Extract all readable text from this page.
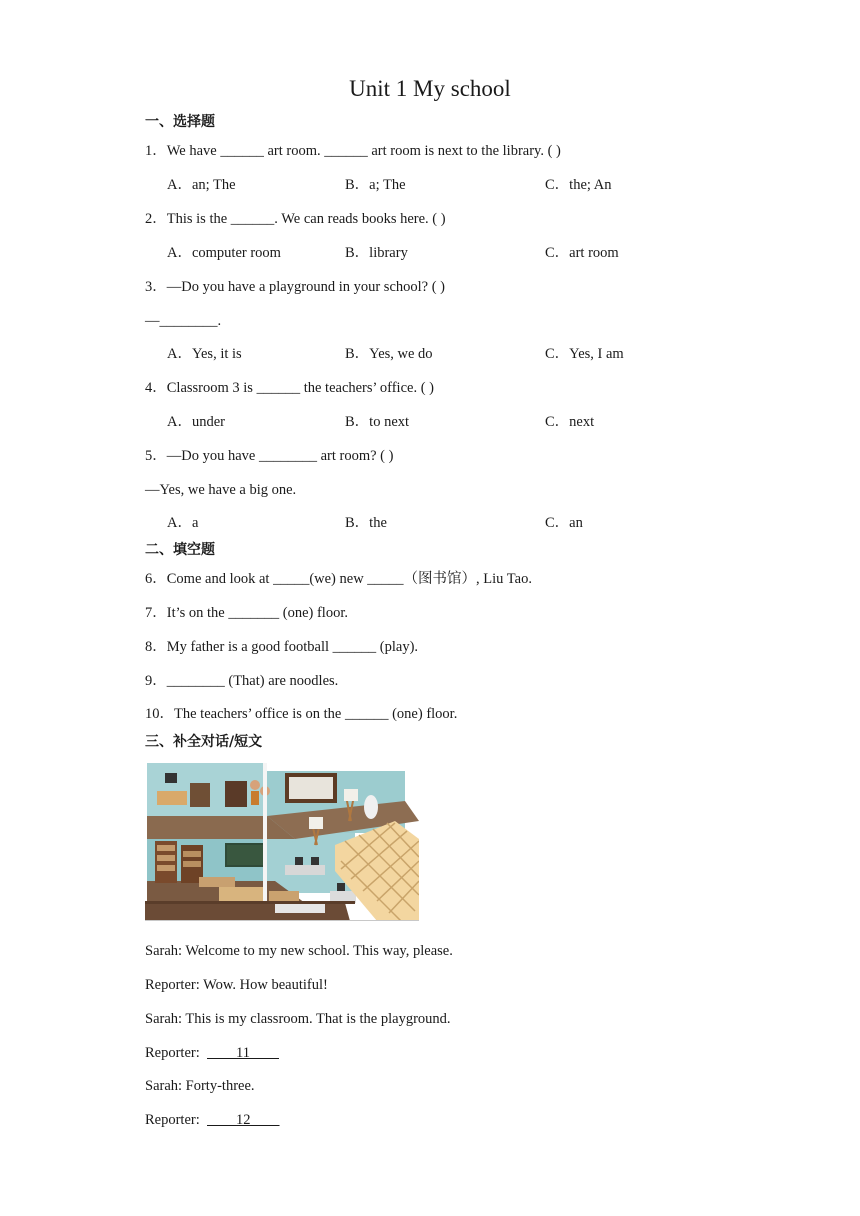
Unit 1 My school
一、选择题
1．We have ______ art room. ______ art room is next to the library. ( )
A．an; The	B．a; The	C．the; An
2．This is the ______. We can reads books here. ( )
A．computer room	B．library	C．art room
3．—Do you have a playground in your school? ( )
—________.
A．Yes, it is	B．Yes, we do	C．Yes, I am
4．Classroom 3 is ______ the teachers’ office. ( )
A．under	B．to next	C．next
5．—Do you have ________ art room? ( )
—Yes, we have a big one.
A．a	B．the	C．an
二、填空题
6．Come and look at _____(we) new _____（图书馆）, Liu Tao.
7．It’s on the _______ (one) floor.
8．My father is a good football ______ (play).
9．________ (That) are noodles.
10．The teachers’ office is on the ______ (one) floor.
三、补全对话/短文
Sarah: Welcome to my new school. This way, please.
Reporter: Wow. How beautiful!
Sarah: This is my classroom. That is the playground.
Reporter:	11
Sarah: Forty-three.
Reporter:	12
